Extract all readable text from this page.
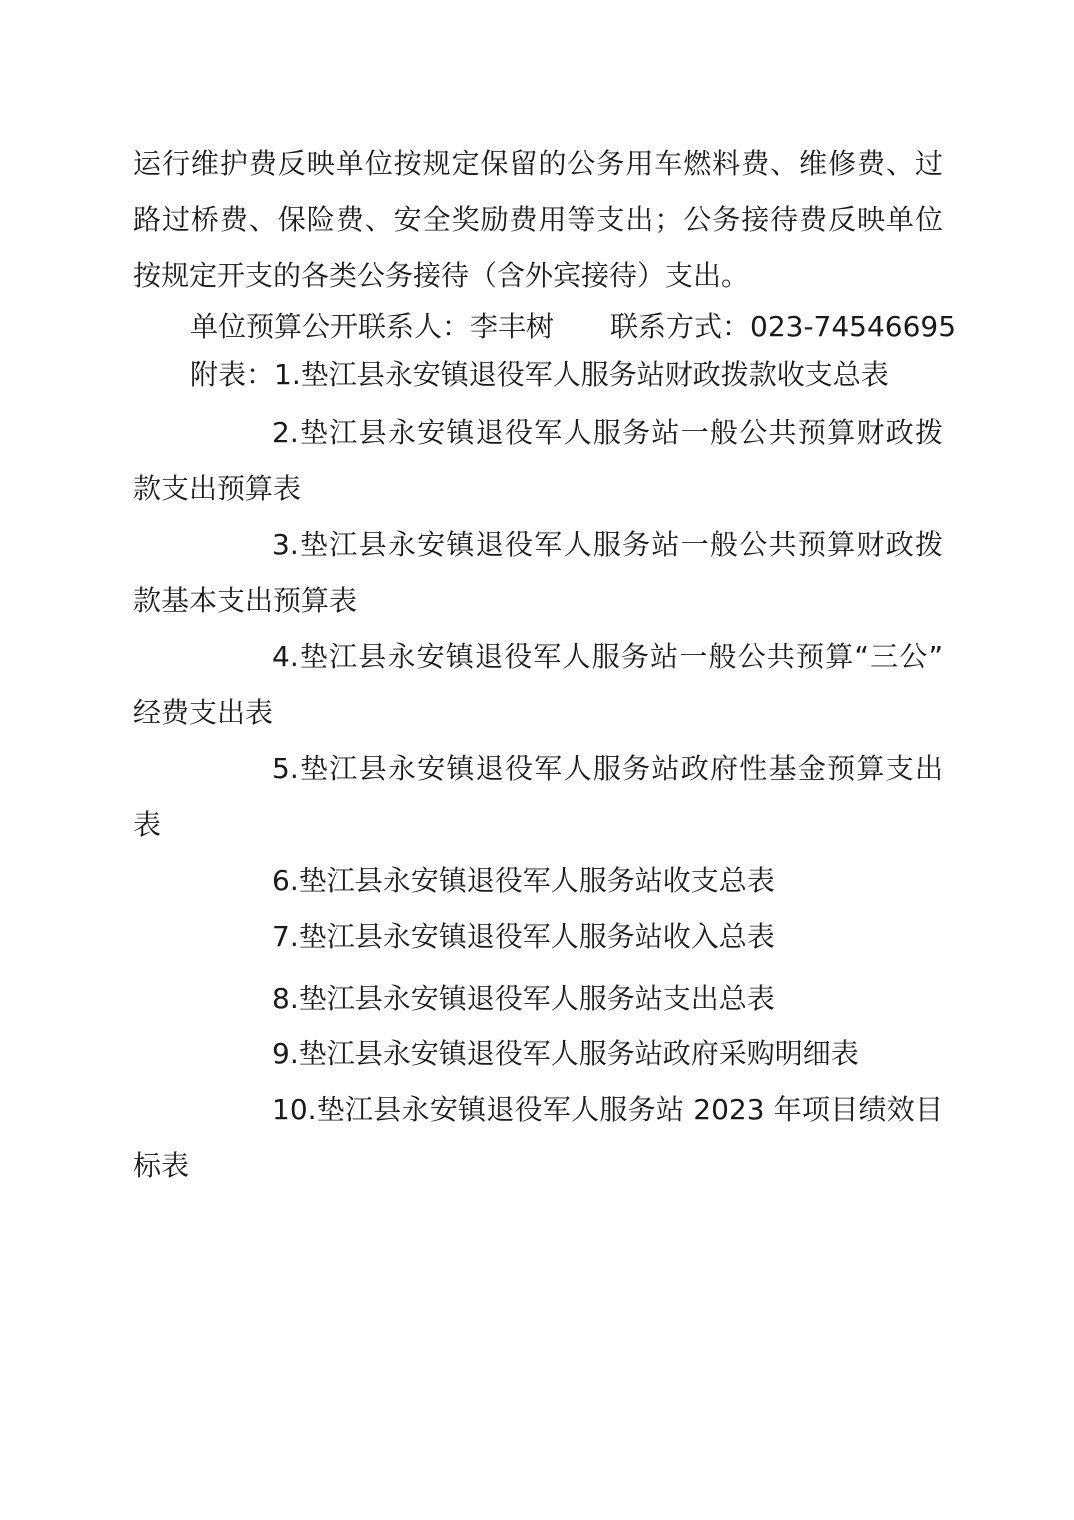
运行维护费反映单位按规定保留的公务用车燃料费、维修费、过
路过桥费、保险费、安全奖励费用等支出；公务接待费反映单位
按规定开支的各类公务接待（含外宾接待）支出。
单位预算公开联系人：李丰树 联系方式：023-74546695
附表：1.垫江县永安镇退役军人服务站财政拨款收支总表
2.垫江县永安镇退役军人服务站一般公共预算财政拨
款支出预算表
3.垫江县永安镇退役军人服务站一般公共预算财政拨
款基本支出预算表
4.垫江县永安镇退役军人服务站一般公共预算“三公”
经费支出表
5.垫江县永安镇退役军人服务站政府性基金预算支出
表
6.垫江县永安镇退役军人服务站收支总表
7.垫江县永安镇退役军人服务站收入总表
8.垫江县永安镇退役军人服务站支出总表
9.垫江县永安镇退役军人服务站政府采购明细表
10.垫江县永安镇退役军人服务站 2023 年项目绩效目
标表
